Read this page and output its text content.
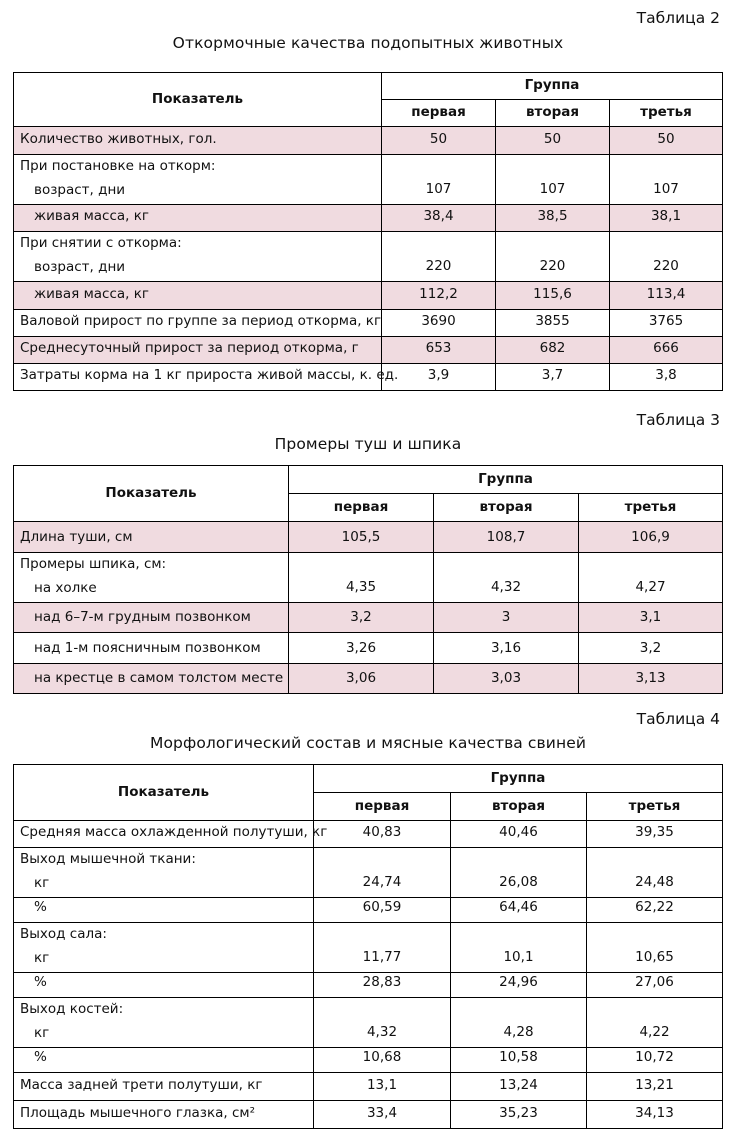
Таблица 2
Откормочные качества подопытных животных
Показатель	Группа		
	первая	вторая	третья
Количество животных, гол.	50	50	50

При постановке на откорм:
возраст, дни	107	107	107
живая масса, кг	38,4	38,5	38,1

При снятии с откорма:
возраст, дни	220	220	220
живая масса, кг	112,2	115,6	113,4
Валовой прирост по группе за период откорма, кг	3690	3855	3765
Среднесуточный прирост за период откорма, г	653	682	666
Затраты корма на 1 кг прироста живой массы, к. ед.	3,9	3,7	3,8
Таблица 3
Промеры туш и шпика
Показатель	Группа		
	первая	вторая	третья
Длина туши, см	105,5	108,7	106,9

Промеры шпика, см:
на холке	4,35	4,32	4,27
над 6–7-м грудным позвонком	3,2	3	3,1
над 1-м поясничным позвонком	3,26	3,16	3,2
на крестце в самом толстом месте	3,06	3,03	3,13
Таблица 4
Морфологический состав и мясные качества свиней
Показатель	Группа		
	первая	вторая	третья
Средняя масса охлажденной полутуши, кг	40,83	40,46	39,35

Выход мышечной ткани:
кг	24,74	26,08	24,48
%	60,59	64,46	62,22

Выход сала:
кг	11,77	10,1	10,65
%	28,83	24,96	27,06

Выход костей:
кг	4,32	4,28	4,22
%	10,68	10,58	10,72
Масса задней трети полутуши, кг	13,1	13,24	13,21
Площадь мышечного глазка, см²	33,4	35,23	34,13
